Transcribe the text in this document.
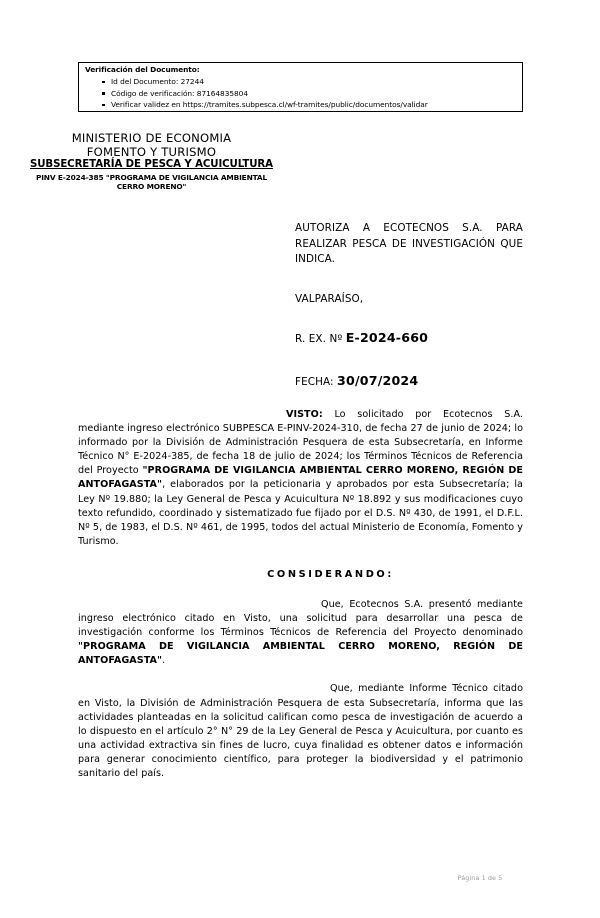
Verificación del Documento:
Id del Documento: 27244
Código de verificación: 87164835804
Verificar validez en https://tramites.subpesca.cl/wf-tramites/public/documentos/validar
MINISTERIO DE ECONOMIA
FOMENTO Y TURISMO
SUBSECRETARÍA DE PESCA Y ACUICULTURA
PINV E-2024-385 "PROGRAMA DE VIGILANCIA AMBIENTAL CERRO MORENO"
AUTORIZA A ECOTECNOS S.A. PARA REALIZAR PESCA DE INVESTIGACIÓN QUE INDICA.
VALPARAÍSO,
R. EX. Nº E-2024-660
FECHA: 30/07/2024

VISTO: Lo solicitado por Ecotecnos S.A. mediante ingreso electrónico SUBPESCA E-PINV-2024-310, de fecha 27 de junio de 2024; lo informado por la División de Administración Pesquera de esta Subsecretaría, en Informe Técnico N° E-2024-385, de fecha 18 de julio de 2024; los Términos Técnicos de Referencia del Proyecto "PROGRAMA DE VIGILANCIA AMBIENTAL CERRO MORENO, REGIÓN DE ANTOFAGASTA", elaborados por la peticionaria y aprobados por esta Subsecretaría; la Ley Nº 19.880; la Ley General de Pesca y Acuicultura Nº 18.892 y sus modificaciones cuyo texto refundido, coordinado y sistematizado fue fijado por el D.S. Nº 430, de 1991, el D.F.L. Nº 5, de 1983, el D.S. Nº 461, de 1995, todos del actual Ministerio de Economía, Fomento y Turismo.

CONSIDERANDO:

Que, Ecotecnos S.A. presentó mediante ingreso electrónico citado en Visto, una solicitud para desarrollar una pesca de investigación conforme los Términos Técnicos de Referencia del Proyecto denominado "PROGRAMA DE VIGILANCIA AMBIENTAL CERRO MORENO, REGIÓN DE ANTOFAGASTA".

Que, mediante Informe Técnico citado en Visto, la División de Administración Pesquera de esta Subsecretaría, informa que las actividades planteadas en la solicitud califican como pesca de investigación de acuerdo a lo dispuesto en el artículo 2° N° 29 de la Ley General de Pesca y Acuicultura, por cuanto es una actividad extractiva sin fines de lucro, cuya finalidad es obtener datos e información para generar conocimiento científico, para proteger la biodiversidad y el patrimonio sanitario del país.

Página 1 de 5
